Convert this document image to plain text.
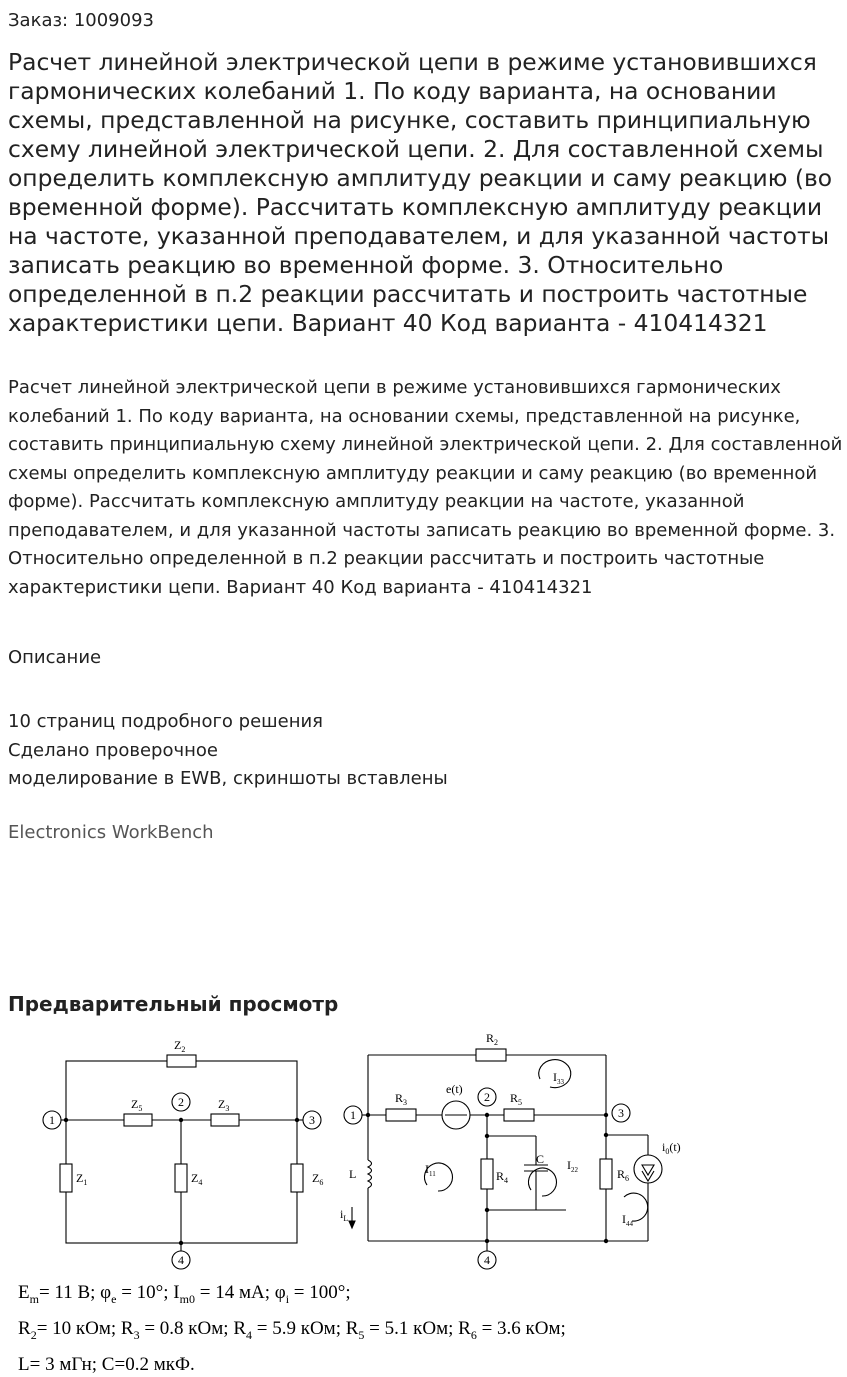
Заказ: 1009093
Расчет линейной электрической цепи в режиме установившихся гармонических колебаний 1. По коду варианта, на основании схемы, представленной на рисунке, составить принципиальную схему линейной электрической цепи. 2. Для составленной схемы определить комплексную амплитуду реакции и саму реакцию (во временной форме). Рассчитать комплексную амплитуду реакции на частоте, указанной преподавателем, и для указанной частоты записать реакцию во временной форме. 3. Относительно определенной в п.2 реакции рассчитать и построить частотные характеристики цепи. Вариант 40 Код варианта - 410414321

Расчет линейной электрической цепи в режиме установившихся гармонических колебаний 1. По коду варианта, на основании схемы, представленной на рисунке, составить принципиальную схему линейной электрической цепи. 2. Для составленной схемы определить комплексную амплитуду реакции и саму реакцию (во временной форме). Рассчитать комплексную амплитуду реакции на частоте, указанной преподавателем, и для указанной частоты записать реакцию во временной форме. 3. Относительно определенной в п.2 реакции рассчитать и построить частотные характеристики цепи. Вариант 40 Код варианта - 410414321

Описание
10 страниц подробного решения
Сделано проверочное
моделирование в EWB, скриншоты вставлены
Electronics WorkBench
Предварительный просмотр
1
2
3
4
1
2
3
4
$Z_2$
$Z_5$	$Z_3$
$Z_1$	$Z_4$	$Z_6$
$R_2$
$R_3$
e(t)
$R_5$
L	$R_4$
C
$R_6$
$i_0(t)$
$i_L$
$I_{11}$
$I_{22}$
$I_{33}$
$I_{44}$
$E_m= 11$ В; $\varphi_e = 10^\circ$; $I_{m0} = 14$ мА; $\varphi_i = 100^\circ$;
$R_2= 10$ кОм; $R_3 = 0.8$ кОм; $R_4 = 5.9$ кОм; $R_5 = 5.1$ кОм; $R_6 = 3.6$ кОм;
L= 3 мГн; С=0.2 мкФ.
